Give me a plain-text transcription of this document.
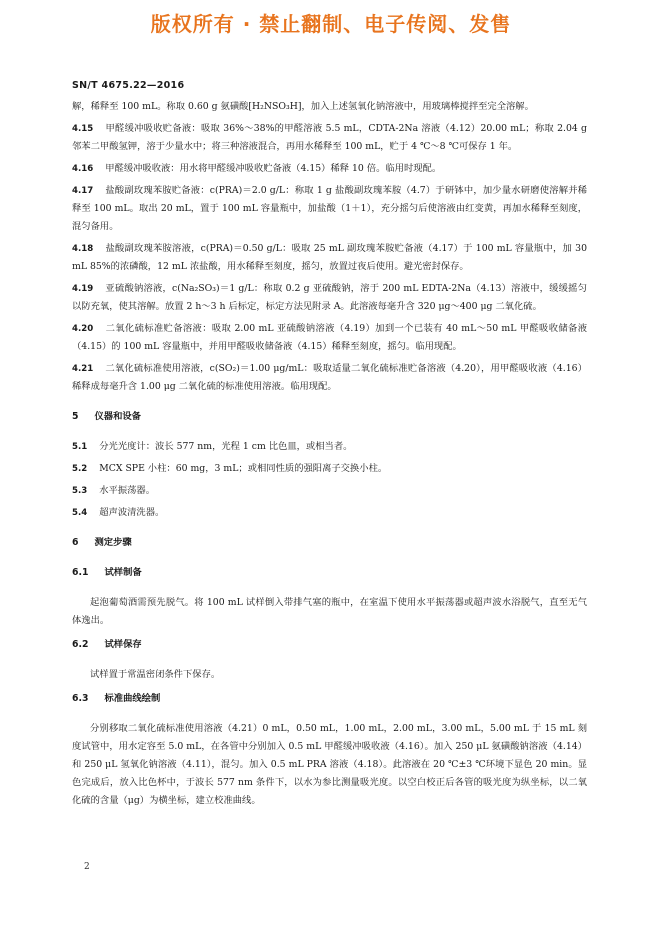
版权所有 · 禁止翻制、电子传阅、发售
SN/T 4675.22—2016

解，稀释至 100 mL。称取 0.60 g 氨磺酸[H₂NSO₃H]，加入上述氢氧化钠溶液中，用玻璃棒搅拌至完全溶解。

4.15 甲醛缓冲吸收贮备液：吸取 36%～38%的甲醛溶液 5.5 mL，CDTA-2Na 溶液（4.12）20.00 mL；称取 2.04 g 邻苯二甲酸氢钾，溶于少量水中；将三种溶液混合，再用水稀释至 100 mL，贮于 4 ℃～8 ℃可保存 1 年。

4.16 甲醛缓冲吸收液：用水将甲醛缓冲吸收贮备液（4.15）稀释 10 倍。临用时现配。

4.17 盐酸副玫瑰苯胺贮备液：c(PRA)＝2.0 g/L：称取 1 g 盐酸副玫瑰苯胺（4.7）于研钵中，加少量水研磨使溶解并稀释至 100 mL。取出 20 mL，置于 100 mL 容量瓶中，加盐酸（1＋1），充分摇匀后使溶液由红变黄，再加水稀释至刻度，混匀备用。

4.18 盐酸副玫瑰苯胺溶液，c(PRA)＝0.50 g/L：吸取 25 mL 副玫瑰苯胺贮备液（4.17）于 100 mL 容量瓶中，加 30 mL 85%的浓磷酸，12 mL 浓盐酸，用水稀释至刻度，摇匀，放置过夜后使用。避光密封保存。

4.19 亚硫酸钠溶液，c(Na₂SO₃)＝1 g/L：称取 0.2 g 亚硫酸钠，溶于 200 mL EDTA-2Na（4.13）溶液中，缓缓摇匀以防充氧，使其溶解。放置 2 h～3 h 后标定，标定方法见附录 A。此溶液每毫升含 320 μg～400 μg 二氧化硫。

4.20 二氧化硫标准贮备溶液：吸取 2.00 mL 亚硫酸钠溶液（4.19）加到一个已装有 40 mL～50 mL 甲醛吸收储备液（4.15）的 100 mL 容量瓶中，并用甲醛吸收储备液（4.15）稀释至刻度，摇匀。临用现配。

4.21 二氧化硫标准使用溶液，c(SO₂)＝1.00 μg/mL：吸取适量二氧化硫标准贮备溶液（4.20），用甲醛吸收液（4.16）稀释成每毫升含 1.00 μg 二氧化硫的标准使用溶液。临用现配。

5 仪器和设备

5.1 分光光度计：波长 577 nm，光程 1 cm 比色皿，或相当者。

5.2 MCX SPE 小柱：60 mg，3 mL；或相同性质的强阳离子交换小柱。

5.3 水平振荡器。

5.4 超声波清洗器。

6 测定步骤
6.1 试样制备

起泡葡萄酒需预先脱气。将 100 mL 试样倒入带排气塞的瓶中，在室温下使用水平振荡器或超声波水浴脱气，直至无气体逸出。

6.2 试样保存

试样置于常温密闭条件下保存。

6.3 标准曲线绘制

分别移取二氧化硫标准使用溶液（4.21）0 mL，0.50 mL，1.00 mL，2.00 mL，3.00 mL，5.00 mL 于 15 mL 刻度试管中，用水定容至 5.0 mL，在各管中分别加入 0.5 mL 甲醛缓冲吸收液（4.16）。加入 250 μL 氨磺酸钠溶液（4.14）和 250 μL 氢氧化钠溶液（4.11），混匀。加入 0.5 mL PRA 溶液（4.18）。此溶液在 20 ℃±3 ℃环境下显色 20 min。显色完成后，放入比色杯中，于波长 577 nm 条件下，以水为参比测量吸光度。以空白校正后各管的吸光度为纵坐标，以二氧化硫的含量（μg）为横坐标，建立校准曲线。

2
